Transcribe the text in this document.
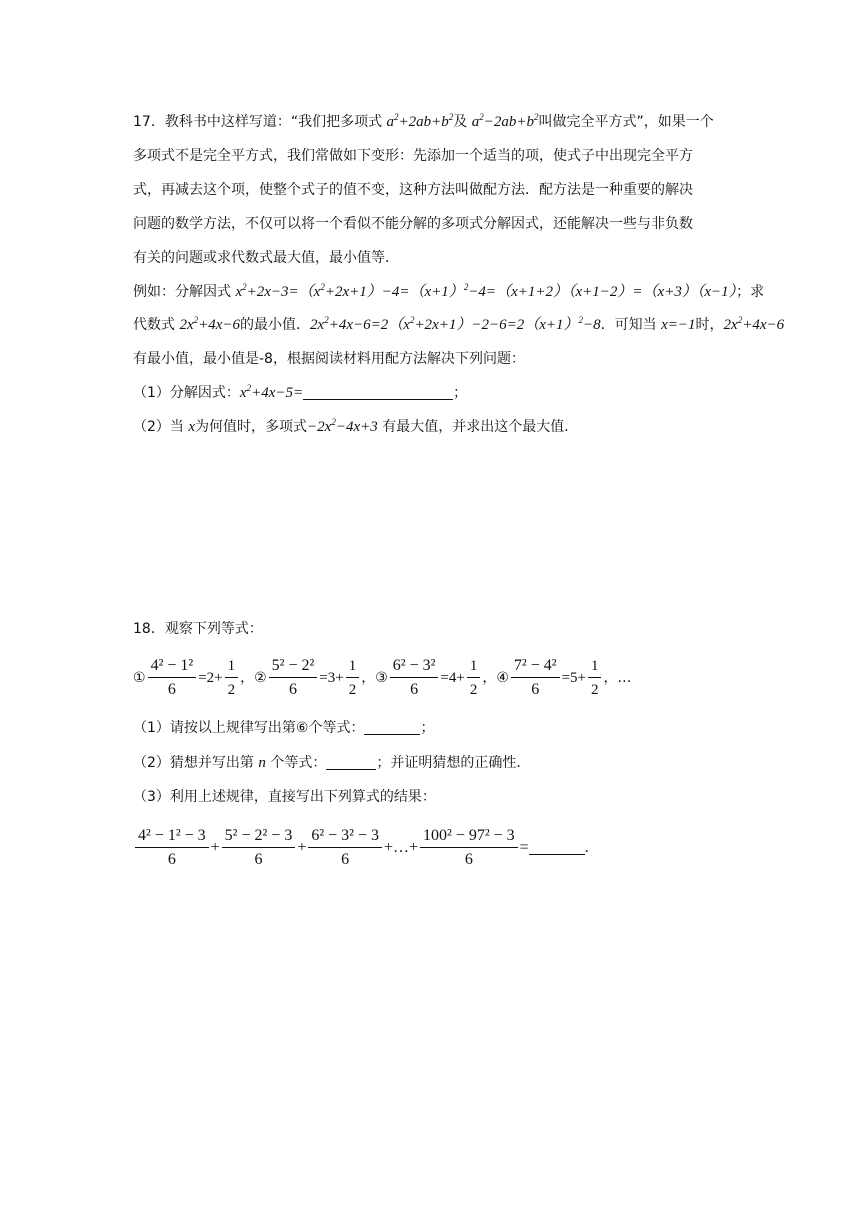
17．教科书中这样写道：“我们把多项式 $a^2+2ab+b^2$及 $a^2-2ab+b^2$叫做完全平方式”，如果一个
多项式不是完全平方式，我们常做如下变形：先添加一个适当的项，使式子中出现完全平方
式，再减去这个项，使整个式子的值不变，这种方法叫做配方法．配方法是一种重要的解决
问题的数学方法，不仅可以将一个看似不能分解的多项式分解因式，还能解决一些与非负数
有关的问题或求代数式最大值，最小值等．
例如：分解因式 $x^2+2x-3=(x^2+2x+1)-4=(x+1)^2-4=(x+1+2)(x+1-2)=(x+3)(x-1)$；求
代数式 $2x^2+4x-6$的最小值．$2x^2+4x-6=2(x^2+2x+1)-2-6=2(x+1)^2-8$．可知当 x=−1时，$2x^2+4x-6$
有最小值，最小值是-8，根据阅读材料用配方法解决下列问题：
（1）分解因式：$x^2+4x-5=$	；
（2）当 x为何值时，多项式$-2x^2-4x+3$ 有最大值，并求出这个最大值．
18．观察下列等式：
① $\frac{\text{4² − 1²}}{6} =2+ \frac{1}{2}$ ，② $\frac{\text{5² − 2²}}{6} =3+ \frac{1}{2}$ ，③ $\frac{\text{6² − 3²}}{6} =4+ \frac{1}{2}$ ，④ $\frac{\text{7² − 4²}}{6} =5+ \frac{1}{2}$ ，…
（1）请按以上规律写出第⑥个等式：	；
（2）猜想并写出第 n 个等式：	；并证明猜想的正确性．
（3）利用上述规律，直接写出下列算式的结果：
$\frac{\text{4² − 1² − 3}}{6} + \frac{\text{5² − 2² − 3}}{6} + \frac{\text{6² − 3² − 3}}{6}$ +…+ $\frac{\text{100² − 97² − 3}}{6}$ =	.
